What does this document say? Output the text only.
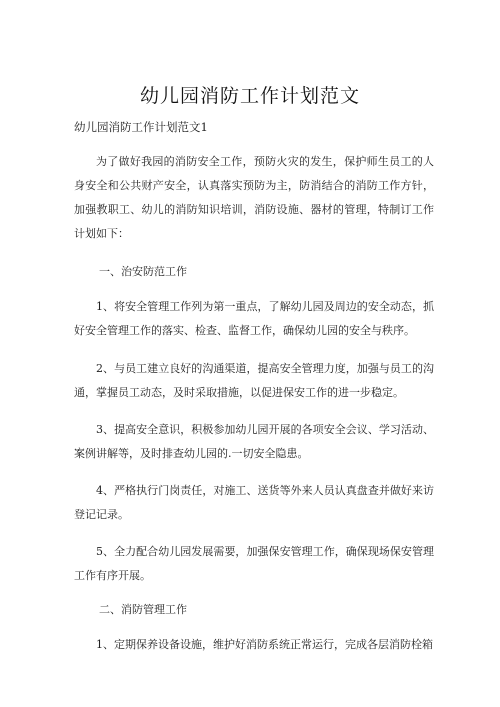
幼儿园消防工作计划范文
幼儿园消防工作计划范文1

为了做好我园的消防安全工作，预防火灾的发生，保护师生员工的人身安全和公共财产安全，认真落实预防为主，防消结合的消防工作方针，加强教职工、幼儿的消防知识培训，消防设施、器材的管理，特制订工作计划如下：

一、治安防范工作

1、将安全管理工作列为第一重点，了解幼儿园及周边的安全动态，抓好安全管理工作的落实、检查、监督工作，确保幼儿园的安全与秩序。

2、与员工建立良好的沟通渠道，提高安全管理力度，加强与员工的沟通，掌握员工动态，及时采取措施，以促进保安工作的进一步稳定。

3、提高安全意识，积极参加幼儿园开展的各项安全会议、学习活动、案例讲解等，及时排查幼儿园的.一切安全隐患。

4、严格执行门岗责任，对施工、送货等外来人员认真盘查并做好来访登记记录。

5、全力配合幼儿园发展需要，加强保安管理工作，确保现场保安管理工作有序开展。

二、消防管理工作

1、定期保养设备设施，维护好消防系统正常运行，完成各层消防栓箱
